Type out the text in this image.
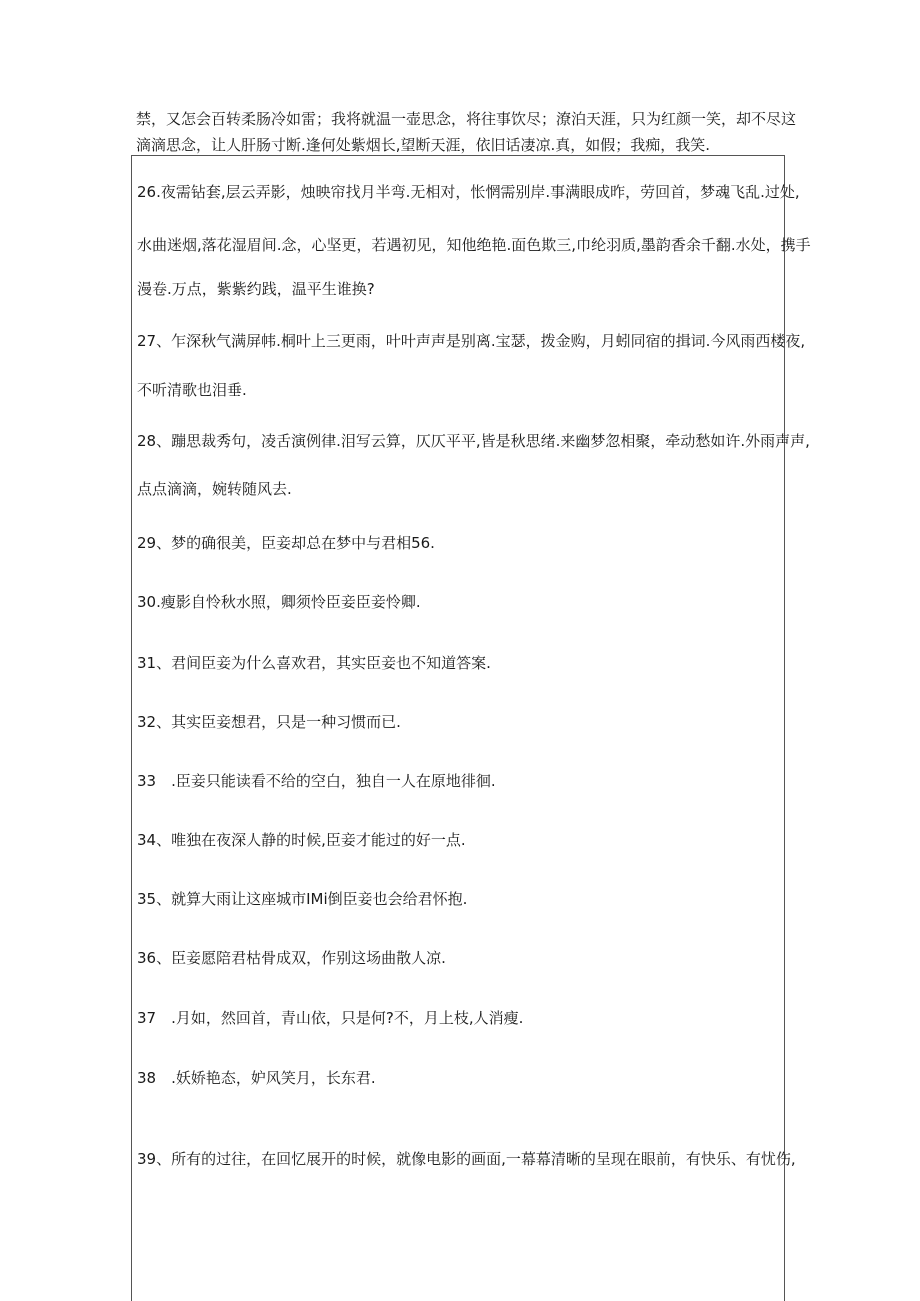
禁，又怎会百转柔肠冷如雷；我将就温一壶思念，将往事饮尽；潦泊天涯，只为红颜一笑，却不尽这

滴滴思念，让人肝肠寸断.逢何处紫烟长,望断天涯，依旧话凄凉.真，如假；我痴，我笑.

26.夜需钻套,层云弄影，烛映帘找月半弯.无相对，怅惘需别岸.事满眼成昨，劳回首，梦魂飞乱.过处,
水曲迷烟,落花湿眉间.念，心坚更，若遇初见，知他绝艳.面色欺三,巾纶羽质,墨韵香余千翻.水处，携手
漫卷.万点，紫紫约践，温平生谁换?
27、乍深秋气满屏帏.桐叶上三更雨，叶叶声声是别离.宝瑟，拨金购，月蚓同宿的揖词.今风雨西楼夜,
不听清歌也泪垂.
28、蹦思裁秀句，凌舌演例律.泪写云算，仄仄平平,皆是秋思绪.来幽梦忽相聚，牵动愁如许.外雨声声,
点点滴滴，婉转随风去.
29、梦的确很美，臣妾却总在梦中与君相56.
30.瘦影自怜秋水照，卿须怜臣妾臣妾怜卿.
31、君间臣妾为什么喜欢君，其实臣妾也不知道答案.
32、其实臣妾想君，只是一种习惯而已.
33　.臣妾只能读看不给的空白，独自一人在原地徘徊.
34、唯独在夜深人静的时候,臣妾才能过的好一点.
35、就算大雨让这座城市IMi倒臣妾也会给君怀抱.
36、臣妾愿陪君枯骨成双，作别这场曲散人凉.
37　.月如，然回首，青山依，只是何?不，月上枝,人消瘦.
38　.妖娇艳态，妒风笑月，长东君.
39、所有的过往，在回忆展开的时候，就像电影的画面,一幕幕清晰的呈现在眼前，有快乐、有忧伤,
